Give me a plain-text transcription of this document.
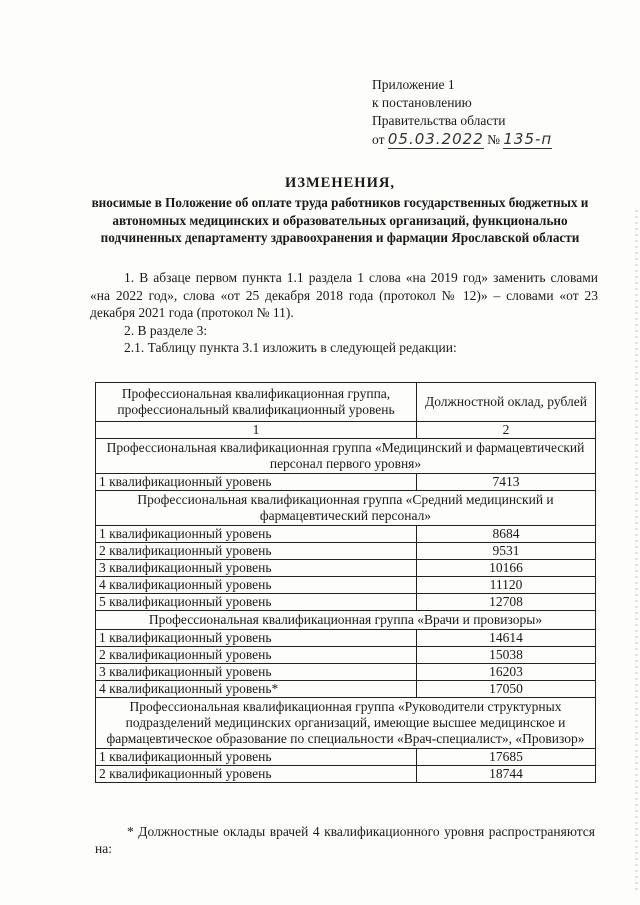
Приложение 1
к постановлению
Правительства области
от 05.03.2022 № 135-п
ИЗМЕНЕНИЯ,
вносимые в Положение об оплате труда работников государственных бюджетных и автономных медицинских и образовательных организаций, функционально подчиненных департаменту здравоохранения и фармации Ярославской области

1. В абзаце первом пункта 1.1 раздела 1 слова «на 2019 год» заменить словами «на 2022 год», слова «от 25 декабря 2018 года (протокол № 12)» – словами «от 23 декабря 2021 года (протокол № 11).

2. В разделе 3:

2.1. Таблицу пункта 3.1 изложить в следующей редакции:

Профессиональная квалификационная группа, профессиональный квалификационный уровень	Должностной оклад, рублей
1	2
Профессиональная квалификационная группа «Медицинский и фармацевтический персонал первого уровня»	
1 квалификационный уровень	7413
Профессиональная квалификационная группа «Средний медицинский и фармацевтический персонал»	
1 квалификационный уровень	8684
2 квалификационный уровень	9531
3 квалификационный уровень	10166
4 квалификационный уровень	11120
5 квалификационный уровень	12708
Профессиональная квалификационная группа «Врачи и провизоры»	
1 квалификационный уровень	14614
2 квалификационный уровень	15038
3 квалификационный уровень	16203
4 квалификационный уровень*	17050
Профессиональная квалификационная группа «Руководители структурных подразделений медицинских организаций, имеющие высшее медицинское и фармацевтическое образование по специальности «Врач-специалист», «Провизор»	
1 квалификационный уровень	17685
2 квалификационный уровень	18744

* Должностные оклады врачей 4 квалификационного уровня распространяются на:
